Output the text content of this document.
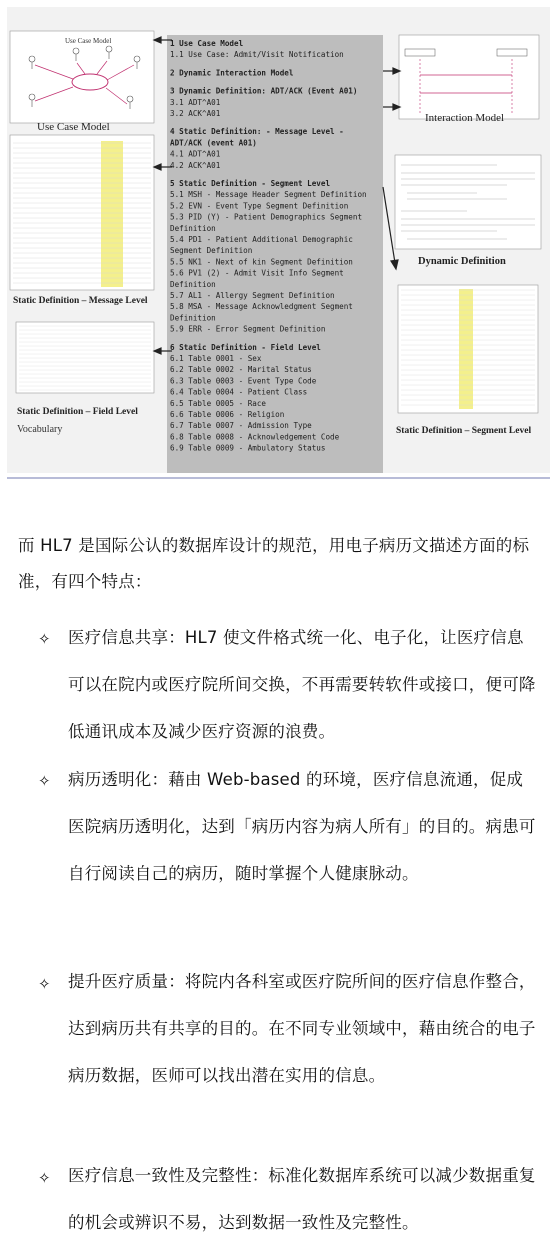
1 Use Case Model
1.1 Use Case: Admit/Visit Notification
2 Dynamic Interaction Model
3 Dynamic Definition: ADT/ACK (Event A01)
3.1 ADT^A01
3.2 ACK^A01
4 Static Definition: - Message Level -
ADT/ACK (event A01)
4.1 ADT^A01
4.2 ACK^A01
5 Static Definition - Segment Level
5.1 MSH - Message Header Segment Definition
5.2 EVN - Event Type Segment Definition
5.3 PID (Y) - Patient Demographics Segment
Definition
5.4 PD1 - Patient Additional Demographic
Segment Definition
5.5 NK1 - Next of kin Segment Definition
5.6 PV1 (2) - Admit Visit Info Segment
Definition
5.7 AL1 - Allergy Segment Definition
5.8 MSA - Message Acknowledgment Segment
Definition
5.9 ERR - Error Segment Definition
6 Static Definition - Field Level
6.1 Table 0001 - Sex
6.2 Table 0002 - Marital Status
6.3 Table 0003 - Event Type Code
6.4 Table 0004 - Patient Class
6.5 Table 0005 - Race
6.6 Table 0006 - Religion
6.7 Table 0007 - Admission Type
6.8 Table 0008 - Acknowledgement Code
6.9 Table 0009 - Ambulatory Status
Use Case Model
Use Case Model
Static Definition – Message Level
Static Definition – Field Level
Vocabulary
Interaction Model
Dynamic Definition
Static Definition – Segment Level
而 HL7 是国际公认的数据库设计的规范，用电子病历文描述方面的标准，有四个特点：
✧ 医疗信息共享：HL7 使文件格式统一化、电子化，让医疗信息可以在院内或医疗院所间交换，不再需要转软件或接口，便可降低通讯成本及减少医疗资源的浪费。
✧ 病历透明化：藉由 Web-based 的环境，医疗信息流通，促成医院病历透明化，达到「病历内容为病人所有」的目的。病患可自行阅读自己的病历，随时掌握个人健康脉动。
✧ 提升医疗质量：将院内各科室或医疗院所间的医疗信息作整合，达到病历共有共享的目的。在不同专业领域中，藉由统合的电子病历数据，医师可以找出潜在实用的信息。
✧ 医疗信息一致性及完整性：标准化数据库系统可以减少数据重复的机会或辨识不易，达到数据一致性及完整性。
